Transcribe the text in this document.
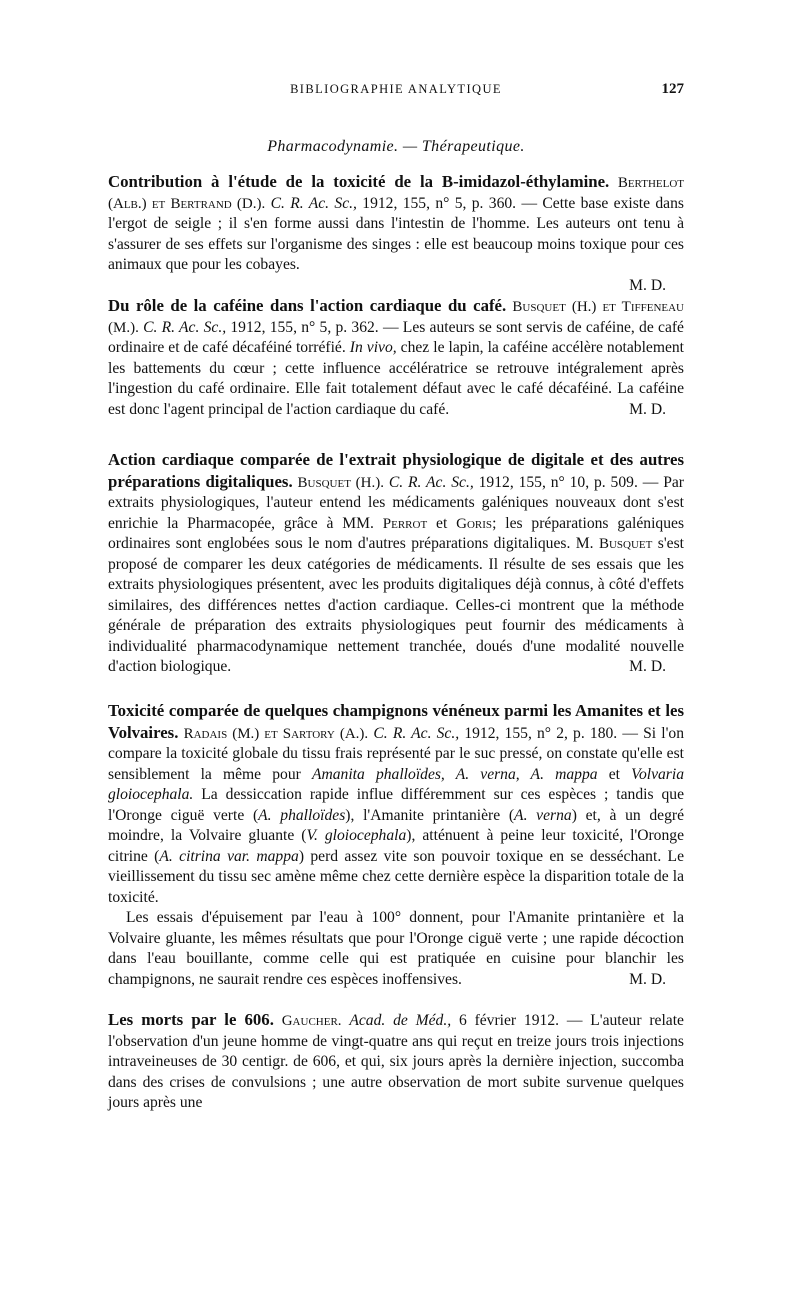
BIBLIOGRAPHIE ANALYTIQUE	127
Pharmacodynamie. — Thérapeutique.

Contribution à l'étude de la toxicité de la B-imidazol-éthylamine. Berthelot (Alb.) et Bertrand (D.). C. R. Ac. Sc., 1912, 155, n° 5, p. 360. — Cette base existe dans l'ergot de seigle ; il s'en forme aussi dans l'intestin de l'homme. Les auteurs ont tenu à s'assurer de ses effets sur l'organisme des singes : elle est beaucoup moins toxique pour ces animaux que pour les cobayes.
M. D.

Du rôle de la caféine dans l'action cardiaque du café. Busquet (H.) et Tiffeneau (M.). C. R. Ac. Sc., 1912, 155, n° 5, p. 362. — Les auteurs se sont servis de caféine, de café ordinaire et de café décaféiné torréfié. In vivo, chez le lapin, la caféine accélère notablement les battements du cœur ; cette influence accélératrice se retrouve intégralement après l'ingestion du café ordinaire. Elle fait totalement défaut avec le café décaféiné. La caféine est donc l'agent principal de l'action cardiaque du café.	M. D.

Action cardiaque comparée de l'extrait physiologique de digitale et des autres préparations digitaliques. Busquet (H.). C. R. Ac. Sc., 1912, 155, n° 10, p. 509. — Par extraits physiologiques, l'auteur entend les médicaments galéniques nouveaux dont s'est enrichie la Pharmacopée, grâce à MM. Perrot et Goris; les préparations galéniques ordinaires sont englobées sous le nom d'autres préparations digitaliques. M. Busquet s'est proposé de comparer les deux catégories de médicaments. Il résulte de ses essais que les extraits physiologiques présentent, avec les produits digitaliques déjà connus, à côté d'effets similaires, des différences nettes d'action cardiaque. Celles-ci montrent que la méthode générale de préparation des extraits physiologiques peut fournir des médicaments à individualité pharmacodynamique nettement tranchée, doués d'une modalité nouvelle d'action biologique.	M. D.

Toxicité comparée de quelques champignons vénéneux parmi les Amanites et les Volvaires. Radais (M.) et Sartory (A.). C. R. Ac. Sc., 1912, 155, n° 2, p. 180. — Si l'on compare la toxicité globale du tissu frais représenté par le suc pressé, on constate qu'elle est sensiblement la même pour Amanita phalloïdes, A. verna, A. mappa et Volvaria gloiocephala. La dessiccation rapide influe différemment sur ces espèces ; tandis que l'Oronge ciguë verte (A. phalloïdes), l'Amanite printanière (A. verna) et, à un degré moindre, la Volvaire gluante (V. gloiocephala), atténuent à peine leur toxicité, l'Oronge citrine (A. citrina var. mappa) perd assez vite son pouvoir toxique en se desséchant. Le vieillissement du tissu sec amène même chez cette dernière espèce la disparition totale de la toxicité.

Les essais d'épuisement par l'eau à 100° donnent, pour l'Amanite printanière et la Volvaire gluante, les mêmes résultats que pour l'Oronge ciguë verte ; une rapide décoction dans l'eau bouillante, comme celle qui est pratiquée en cuisine pour blanchir les champignons, ne saurait rendre ces espèces inoffensives.	M. D.

Les morts par le 606. Gaucher. Acad. de Méd., 6 février 1912. — L'auteur relate l'observation d'un jeune homme de vingt-quatre ans qui reçut en treize jours trois injections intraveineuses de 30 centigr. de 606, et qui, six jours après la dernière injection, succomba dans des crises de convulsions ; une autre observation de mort subite survenue quelques jours après une
